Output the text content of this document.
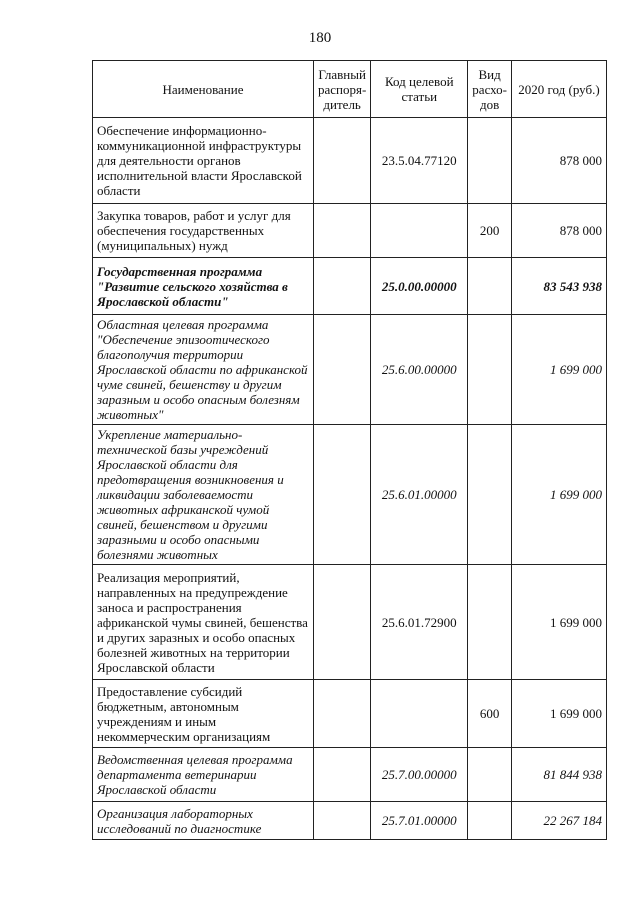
180
Наименование	Главный распоря-дитель	Код целевой статьи	Вид расхо-дов	2020 год (руб.)
Обеспечение информационно-коммуникационной инфраструктуры для деятельности органов исполнительной власти Ярославской области		23.5.04.77120		878 000
Закупка товаров, работ и услуг для обеспечения государственных (муниципальных) нужд			200	878 000
Государственная программа "Развитие сельского хозяйства в Ярославской области"		25.0.00.00000		83 543 938
Областная целевая программа "Обеспечение эпизоотического благополучия территории Ярославской области по африканской чуме свиней, бешенству и другим заразным и особо опасным болезням животных"		25.6.00.00000		1 699 000
Укрепление материально-технической базы учреждений Ярославской области для предотвращения возникновения и ликвидации заболеваемости животных африканской чумой свиней, бешенством и другими заразными и особо опасными болезнями животных		25.6.01.00000		1 699 000
Реализация мероприятий, направленных на предупреждение заноса и распространения африканской чумы свиней, бешенства и других заразных и особо опасных болезней животных на территории Ярославской области		25.6.01.72900		1 699 000
Предоставление субсидий бюджетным, автономным учреждениям и иным некоммерческим организациям			600	1 699 000
Ведомственная целевая программа департамента ветеринарии Ярославской области		25.7.00.00000		81 844 938
Организация лабораторных исследований по диагностике		25.7.01.00000		22 267 184
